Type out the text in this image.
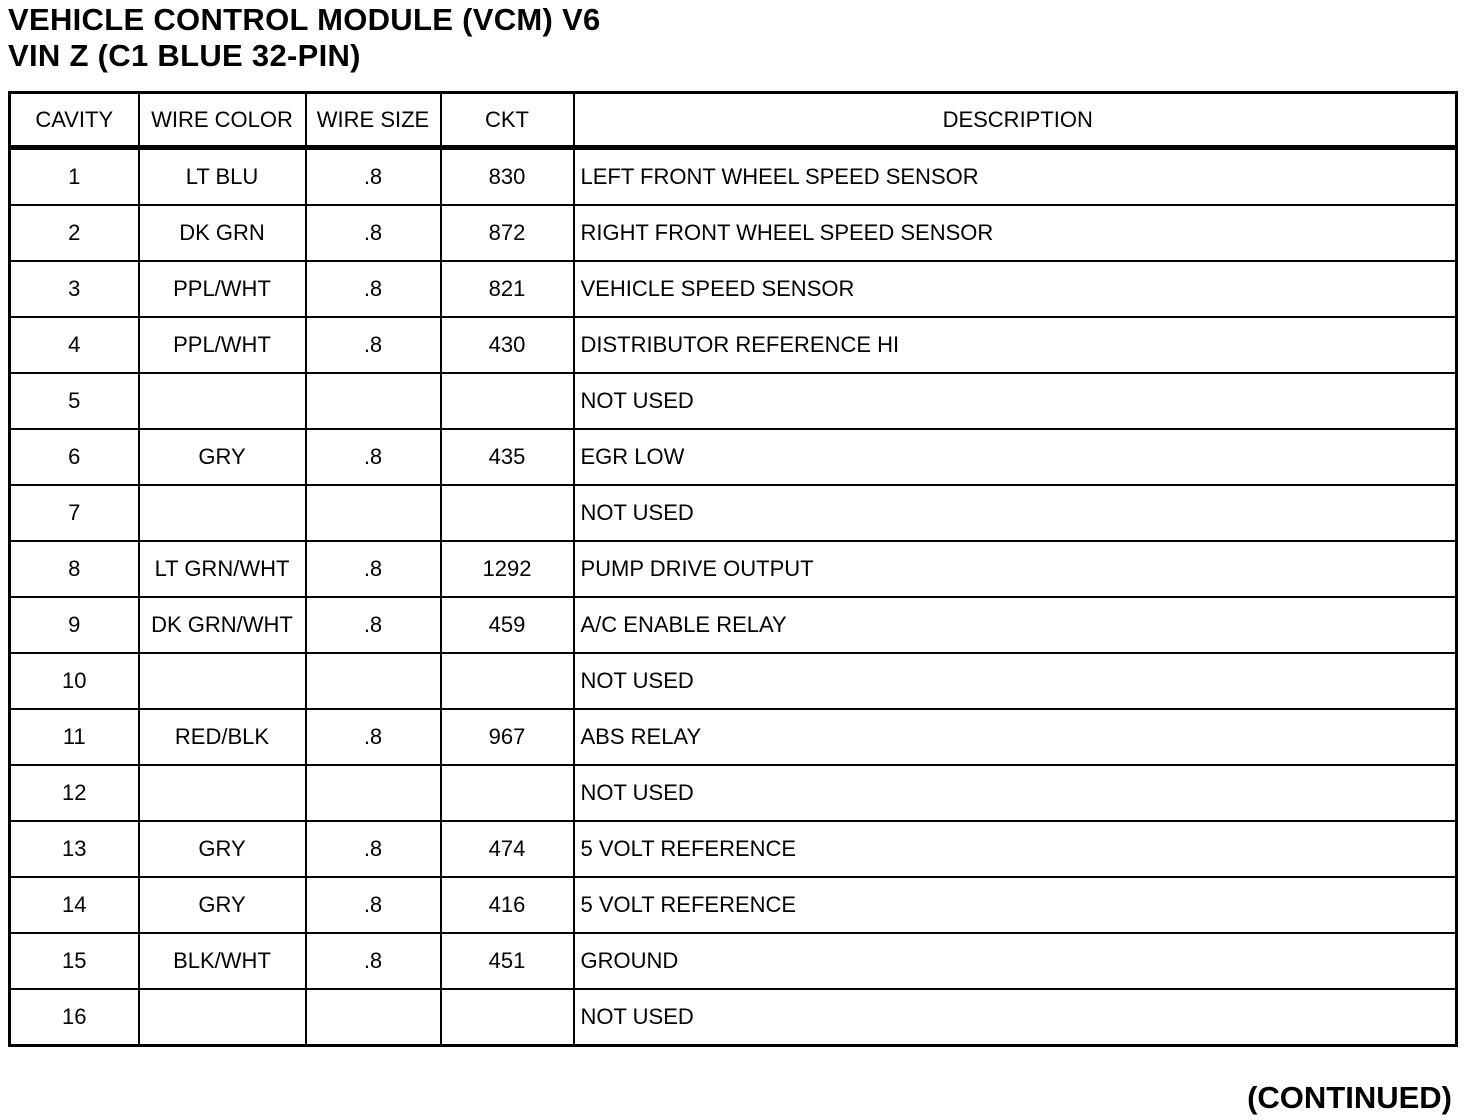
VEHICLE CONTROL MODULE (VCM) V6
VIN Z (C1 BLUE 32-PIN)
CAVITY	WIRE COLOR	WIRE SIZE	CKT	DESCRIPTION
1	LT BLU	.8	830	LEFT FRONT WHEEL SPEED SENSOR
2	DK GRN	.8	872	RIGHT FRONT WHEEL SPEED SENSOR
3	PPL/WHT	.8	821	VEHICLE SPEED SENSOR
4	PPL/WHT	.8	430	DISTRIBUTOR REFERENCE HI
5				NOT USED
6	GRY	.8	435	EGR LOW
7				NOT USED
8	LT GRN/WHT	.8	1292	PUMP DRIVE OUTPUT
9	DK GRN/WHT	.8	459	A/C ENABLE RELAY
10				NOT USED
11	RED/BLK	.8	967	ABS RELAY
12				NOT USED
13	GRY	.8	474	5 VOLT REFERENCE
14	GRY	.8	416	5 VOLT REFERENCE
15	BLK/WHT	.8	451	GROUND
16				NOT USED

(CONTINUED)
